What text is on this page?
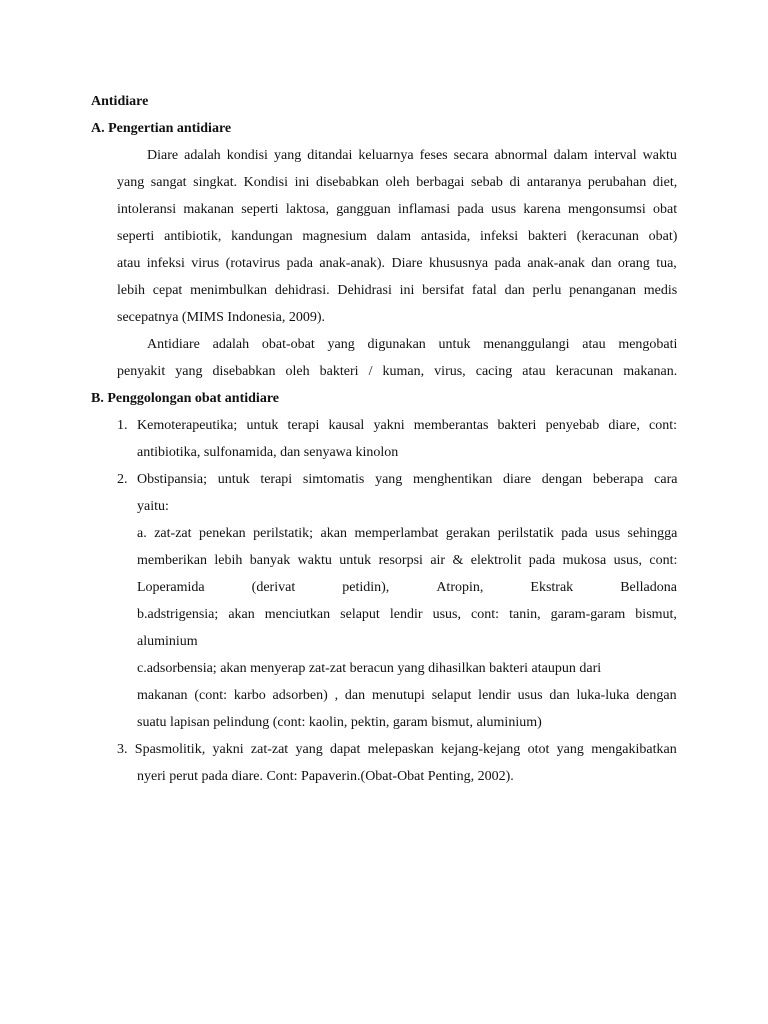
Antidiare
A. Pengertian antidiare
Diare adalah kondisi yang ditandai keluarnya feses secara abnormal dalam interval waktu
yang sangat singkat. Kondisi ini disebabkan oleh berbagai sebab di antaranya perubahan diet,
intoleransi makanan seperti laktosa, gangguan inflamasi pada usus karena mengonsumsi obat
seperti antibiotik, kandungan magnesium dalam antasida, infeksi bakteri (keracunan obat)
atau infeksi virus (rotavirus pada anak-anak). Diare khususnya pada anak-anak dan orang tua,
lebih cepat menimbulkan dehidrasi. Dehidrasi ini bersifat fatal dan perlu penanganan medis
secepatnya (MIMS Indonesia, 2009).
Antidiare adalah obat-obat yang digunakan untuk menanggulangi atau mengobati
penyakit yang disebabkan oleh bakteri / kuman, virus, cacing atau keracunan makanan.
B. Penggolongan obat antidiare
1. Kemoterapeutika; untuk terapi kausal yakni memberantas bakteri penyebab diare, cont:
antibiotika, sulfonamida, dan senyawa kinolon
2. Obstipansia; untuk terapi simtomatis yang menghentikan diare dengan beberapa cara
yaitu:
a. zat-zat penekan perilstatik; akan memperlambat gerakan perilstatik pada usus sehingga
memberikan lebih banyak waktu untuk resorpsi air & elektrolit pada mukosa usus, cont:
Loperamida	(derivat	petidin),	Atropin,	Ekstrak	Belladona
b.adstrigensia; akan menciutkan selaput lendir usus, cont: tanin, garam-garam bismut,
aluminium
c.adsorbensia; akan menyerap zat-zat beracun yang dihasilkan bakteri ataupun dari
makanan (cont: karbo adsorben) , dan menutupi selaput lendir usus dan luka-luka dengan
suatu lapisan pelindung (cont: kaolin, pektin, garam bismut, aluminium)
3. Spasmolitik, yakni zat-zat yang dapat melepaskan kejang-kejang otot yang mengakibatkan
nyeri perut pada diare. Cont: Papaverin.(Obat-Obat Penting, 2002).
